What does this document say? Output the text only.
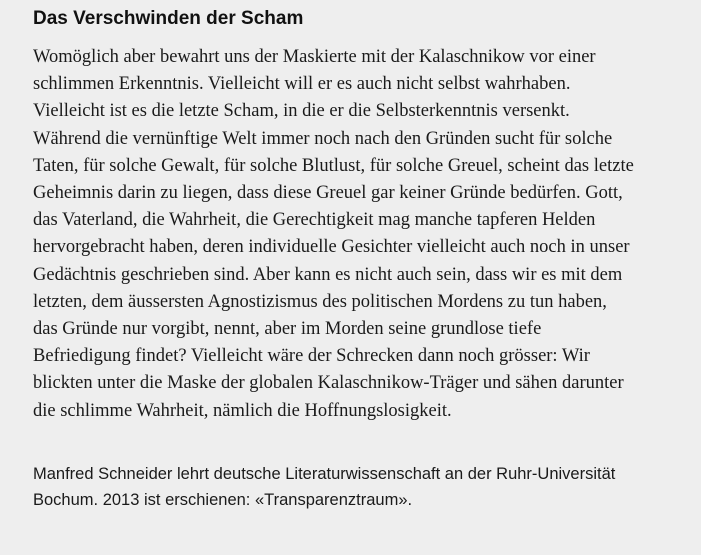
Das Verschwinden der Scham

Womöglich aber bewahrt uns der Maskierte mit der Kalaschnikow vor einer
schlimmen Erkenntnis. Vielleicht will er es auch nicht selbst wahrhaben.
Vielleicht ist es die letzte Scham, in die er die Selbsterkenntnis versenkt.
Während die vernünftige Welt immer noch nach den Gründen sucht für solche
Taten, für solche Gewalt, für solche Blutlust, für solche Greuel, scheint das letzte
Geheimnis darin zu liegen, dass diese Greuel gar keiner Gründe bedürfen. Gott,
das Vaterland, die Wahrheit, die Gerechtigkeit mag manche tapferen Helden
hervorgebracht haben, deren individuelle Gesichter vielleicht auch noch in unser
Gedächtnis geschrieben sind. Aber kann es nicht auch sein, dass wir es mit dem
letzten, dem äussersten Agnostizismus des politischen Mordens zu tun haben,
das Gründe nur vorgibt, nennt, aber im Morden seine grundlose tiefe
Befriedigung findet? Vielleicht wäre der Schrecken dann noch grösser: Wir
blickten unter die Maske der globalen Kalaschnikow-Träger und sähen darunter
die schlimme Wahrheit, nämlich die Hoffnungslosigkeit.

Manfred Schneider lehrt deutsche Literaturwissenschaft an der Ruhr-Universität
Bochum. 2013 ist erschienen: «Transparenztraum».
